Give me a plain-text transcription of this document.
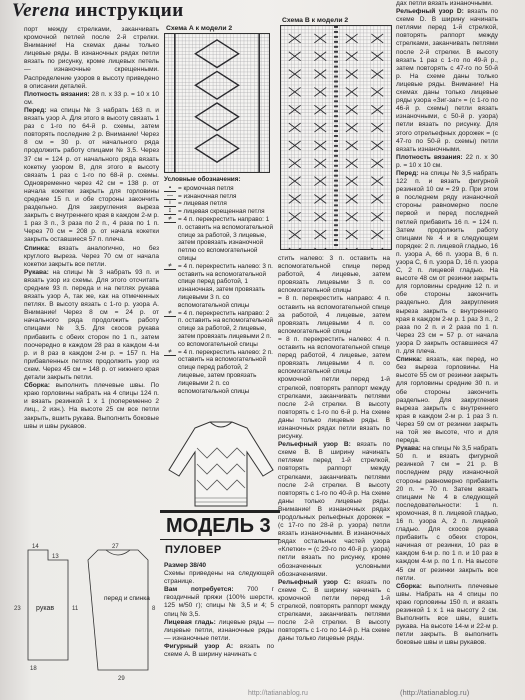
Verena инструкции

порт между стрелками, заканчивать кромочной петлей после 2-й стрелки. Внимание! На схемах даны только лицевые ряды. В изнаночных рядах петли вязать по рисунку, кроме лицевых петель — изнаночные скрещенными. Распределение узоров в высоту приведено в описании деталей.

Плотность вязания: 28 п. х 33 р. = 10 х 10 см.

Перед: на спицы № 3 набрать 163 п. и вязать узор А. Для этого в высоту связать 1 раз с 1-го по 64-й р. схемы, затем повторять последние 2 р. Внимание! Через 8 см = 30 р. от начального ряда продолжить работу спицами № 3,5. Через 37 см = 124 р. от начального ряда вязать кокетку узором В, для этого в высоту связать 1 раз с 1-го по 68-й р. схемы. Одновременно через 42 см = 138 р. от начала кокетки закрыть для горловины средние 15 п. и обе стороны закончить раздельно. Для закругления выреза закрыть с внутреннего края в каждом 2-м р. 1 раз 3 п., 3 раза по 2 п., 4 раза по 1 п. Через 70 см = 208 р. от начала кокетки закрыть оставшиеся 57 п. плеча.

Спинка: вязать аналогично, но без круглого выреза. Через 70 см от начала кокетки закрыть все петли.

Рукава: на спицы № 3 набрать 93 п. и вязать узор из схемы. Для этого отсчитать средние 93 п. переда и на петлях рукава вязать узор А, так же, как на отмеченных петлях. В высоту вязать с 1-го р. узора А. Внимание! Через 8 см = 24 р. от начального ряда продолжить работу спицами № 3,5. Для скосов рукава прибавить с обеих сторон по 1 п., затем поочередно в каждом 28 раз в каждом 4-м р. и 8 раз в каждом 2-м р. = 157 п. На прибавленных петлях продолжить узор из схем. Через 45 см = 148 р. от нижнего края детали закрыть петли.

Сборка: выполнить плечевые швы. По краю горловины набрать на 4 спицы 124 п. и вязать резинкой 1 х 1 (попеременно 2 лиц., 2 изн.). На высоте 25 см все петли закрыть, вшить рукава. Выполнить боковые швы и швы рукавов.

Схема А к модели 2
Схема В к модели 2
Условные обозначения:
▪	= кромочная петля
— = изнаночная петля
ı	= лицевая петля
ɪ	= лицевая скрещенная петля
≠ = 4 п. перекрестить направо: 1 п. оставить на вспомогательной спице за работой, 3 лицевые, затем провязать изнаночной петлю со вспомогательной спицы
≠ = 4 п. перекрестить налево: 3 п. оставить на вспомогательной спице перед работой, 1 изнаночная, затем провязать лицевыми 3 п. со вспомогательной спицы
≠ = 4 п. перекрестить направо: 2 п. оставить на вспомогательной спице за работой, 2 лицевые, затем провязать лицевыми 2 п. со вспомогательной спицы
≠ = 4 п. перекрестить налево: 2 п. оставить на вспомогательной спице перед работой, 2 лицевые, затем провязать лицевыми 2 п. со вспомогательной спицы
МОДЕЛЬ 3
ПУЛОВЕР

Размер 38/40

Схемы приведены на следующей странице.

Вам потребуется: 700 г гвоздичный пряжи (100% шерсти, 125 м/50 г); спицы № 3,5 и 4; 5 спиц № 3,5.

Лицевая гладь: лицевые ряды — лицевые петли, изнаночные ряды — изнаночные петли.

Фигурный узор А: вязать по схеме А. В ширину начинать с

стить налево: 3 п. оставить на вспомогательной спице перед работой, 4 лицевые, затем провязать лицевыми 3 п. со вспомогательной спицы

= 8 п. перекрестить направо: 4 п. оставить на вспомогательной спице за работой, 4 лицевые, затем провязать лицевыми 4 п. со вспомогательной спицы

= 8 п. перекрестить налево: 4 п. оставить на вспомогательной спице перед работой, 4 лицевые, затем провязать лицевыми 4 п. со вспомогательной спицы

кромочной петли перед 1-й стрелкой, повторять раппорт между стрелками, заканчивать петлями после 2-й стрелки. В высоту повторять с 1-го по 6-й р. На схеме даны только лицевые ряды. В изнаночных рядах петли вязать по рисунку.

Рельефный узор В: вязать по схеме В. В ширину начинать петлями перед 1-й стрелкой, повторять раппорт между стрелками, заканчивать петлями после 2-й стрелки. В высоту повторять с 1-го по 40-й р. На схеме даны только лицевые ряды. Внимание! В изнаночных рядах продольных рельефных дорожек = (с 17-го по 28-й р. узора) петли вязать изнаночными. В изнаночных рядах остальных частей узора «Клетки» = (с 29-го по 40-й р. узора) петли вязать по рисунку, кроме обозначенных условными обозначениями.

Рельефный узор С: вязать по схеме С. В ширину начинать с кромочной петли перед 1-й стрелкой, повторять раппорт между стрелками, заканчивать петлями после 2-й стрелки. В высоту повторять с 1-го по 14-й р. На схеме даны только лицевые ряды.

дах петли вязать изнаночными.

Рельефный узор D: вязать по схеме D. В ширину начинать петлями перед 1-й стрелкой, повторять раппорт между стрелками, заканчивать петлями после 2-й стрелки. В высоту вязать 1 раз с 1-го по 49-й р., затем повторять с 47-го по 50-й р. На схеме даны только лицевые ряды. Внимание! На схемах даны только лицевые ряды узора «Зиг-заг» = (с 1-го по 46-й р. схемы) петли вязать изнаночными, с 50-й р. узора) петли вязать по рисунку. Для этого отрельефных дорожек = (с 47-го по 50-й р. схемы) петли вязать изнаночными.

Плотность вязания: 22 п. х 30 р. = 10 х 10 см.

Перед: на спицы № 3,5 набрать 122 п. и вязать фигурной резинкой 10 см = 29 р. При этом в последнем ряду изнаночной стороны равномерно после первой и перед последней петлей прибавить 16 п. = 124 п. Затем продолжить работу спицами № 4 и в следующем порядке: 2 п. лицевой гладью, 16 п. узора А, 66 п. узора В, 6 п. узора С, 6 п. узора D, 16 п. узора С, 2 п. лицевой гладью. На высоте 48 см от резинки закрыть для горловины средние 12 п. и обе стороны закончить раздельно. Для закругления выреза закрыть с внутреннего края в каждом 2-м р. 1 раз 3 п., 2 раза по 2 п. и 2 раза по 1 п. Через 23 см = 57 р. от начала узора D закрыть оставшиеся 47 п. для плеча.

Спинка: вязать, как перед, но без выреза горловины. На высоте 55 см от резинки закрыть для горловины средние 30 п. и обе стороны закончить раздельно. Для закругления выреза закрыть с внутреннего края в каждом 2-м р. 1 раз 3 п. Через 59 см от резинки закрыть на той же высоте, что и для переда.

Рукава: на спицы № 3,5 набрать 50 п. и вязать фигурной резинкой 7 см = 21 р. В последнем ряду изнаночной стороны равномерно прибавить 20 п. = 70 п. Затем вязать спицами № 4 в следующей последовательности: 1 п. кромочная, 8 п. лицевой гладью, 16 п. узора А, 2 п. лицевой гладью. Для скосов рукава прибавить с обеих сторон, начиная от резинки, 10 раз в каждом 6-м р. по 1 п. и 10 раз в каждом 4-м р. по 1 п. На высоте 45 см от резинки закрыть все петли.

Сборка: выполнить плечевые швы. Набрать на 4 спицы по краю горловины 150 п. и вязать резинкой 1 х 1 на высоту 2 см. Выполнить все швы, вшить рукава. На высоте 14-м и 22-м р. петли закрыть. В выполнить боковые швы и швы рукавов.

рукав
перед и спинка
14
13
23	11
27
29
18
8
http://tatianablog.ru	(http://tatianablog.ru)
